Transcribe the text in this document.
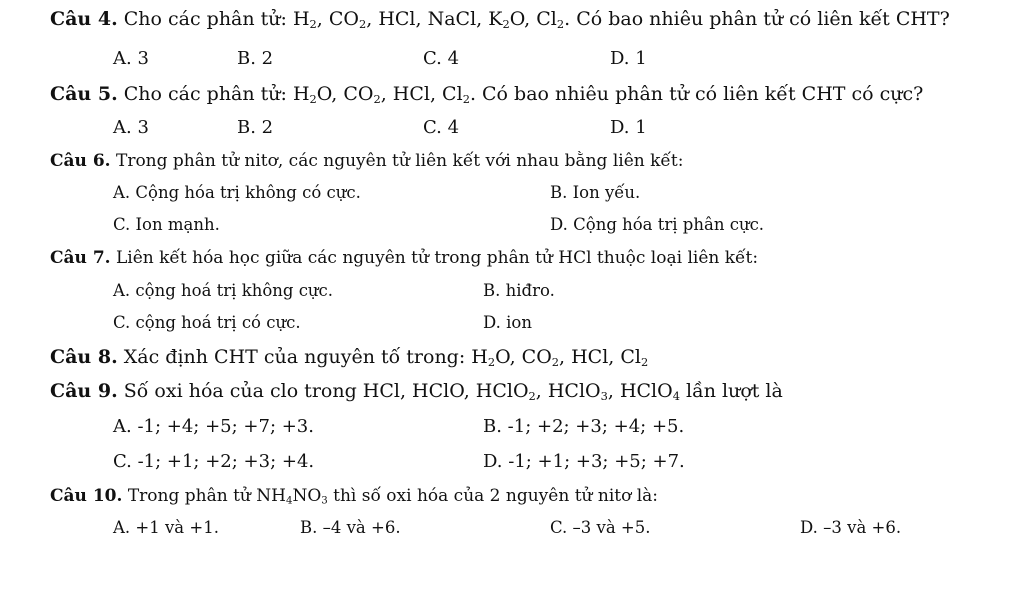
Câu 4. Cho các phân tử: $H_2$, $CO_2$, HCl, NaCl, $K_2O$, $Cl_2$. Có bao nhiêu phân tử có liên kết CHT?
A. 3	B. 2	C. 4	D. 1
Câu 5. Cho các phân tử: $H_2O$, $CO_2$, HCl, $Cl_2$. Có bao nhiêu phân tử có liên kết CHT có cực?
A. 3	B. 2	C. 4	D. 1
Câu 6. Trong phân tử nitơ, các nguyên tử liên kết với nhau bằng liên kết:
A. Cộng hóa trị không có cực.	B. Ion yếu.
C. Ion mạnh.	D. Cộng hóa trị phân cực.
Câu 7. Liên kết hóa học giữa các nguyên tử trong phân tử HCl thuộc loại liên kết:
A. cộng hoá trị không cực.	B. hiđro.
C. cộng hoá trị có cực.	D. ion
Câu 8. Xác định CHT của nguyên tố trong: $H_2O$, $CO_2$, HCl, $Cl_2$
Câu 9. Số oxi hóa của clo trong HCl, HClO, HClO$_2$, HClO$_3$, HClO$_4$ lần lượt là
A. -1; +4; +5; +7; +3.	B. -1; +2; +3; +4; +5.
C. -1; +1; +2; +3; +4.	D. -1; +1; +3; +5; +7.
Câu 10. Trong phân tử $NH_4NO_3$ thì số oxi hóa của 2 nguyên tử nitơ là:
A. +1 và +1.	B. –4 và +6.	C. –3 và +5.	D. –3 và +6.
